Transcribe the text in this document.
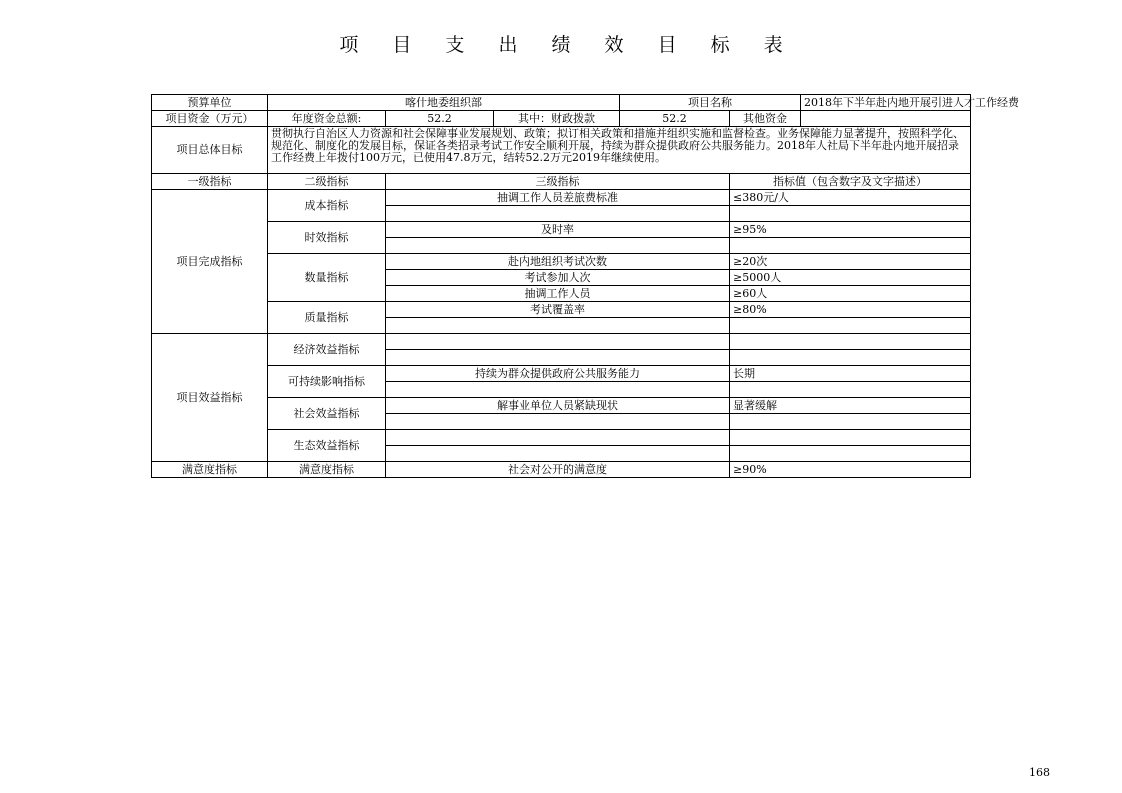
项 目 支 出 绩 效 目 标 表
预算单位	喀什地委组织部			项目名称		2018年下半年赴内地开展引进人才工作经费
项目资金（万元）	年度资金总额:	52.2	其中：财政拨款	52.2	其他资金	
项目总体目标	贯彻执行自治区人力资源和社会保障事业发展规划、政策；拟订相关政策和措施并组织实施和监督检查。业务保障能力显著提升，按照科学化、规范化、制度化的发展目标，保证各类招录考试工作安全顺利开展，持续为群众提供政府公共服务能力。2018年人社局下半年赴内地开展招录工作经费上年拨付100万元，已使用47.8万元，结转52.2万元2019年继续使用。					
一级指标	二级指标	三级指标			指标值（包含数字及文字描述）	
项目完成指标	成本指标	抽调工作人员差旅费标准			≤380元/人	

	时效指标	及时率			≥95%	

	数量指标	赴内地组织考试次数			≥20次	
		考试参加人次			≥5000人	
		抽调工作人员			≥60人	
	质量指标	考试覆盖率			≥80%	

项目效益指标	经济效益指标					

	可持续影响指标	持续为群众提供政府公共服务能力			长期	

	社会效益指标	解事业单位人员紧缺现状			显著缓解	

	生态效益指标					

满意度指标	满意度指标	社会对公开的满意度			≥90%	
168
